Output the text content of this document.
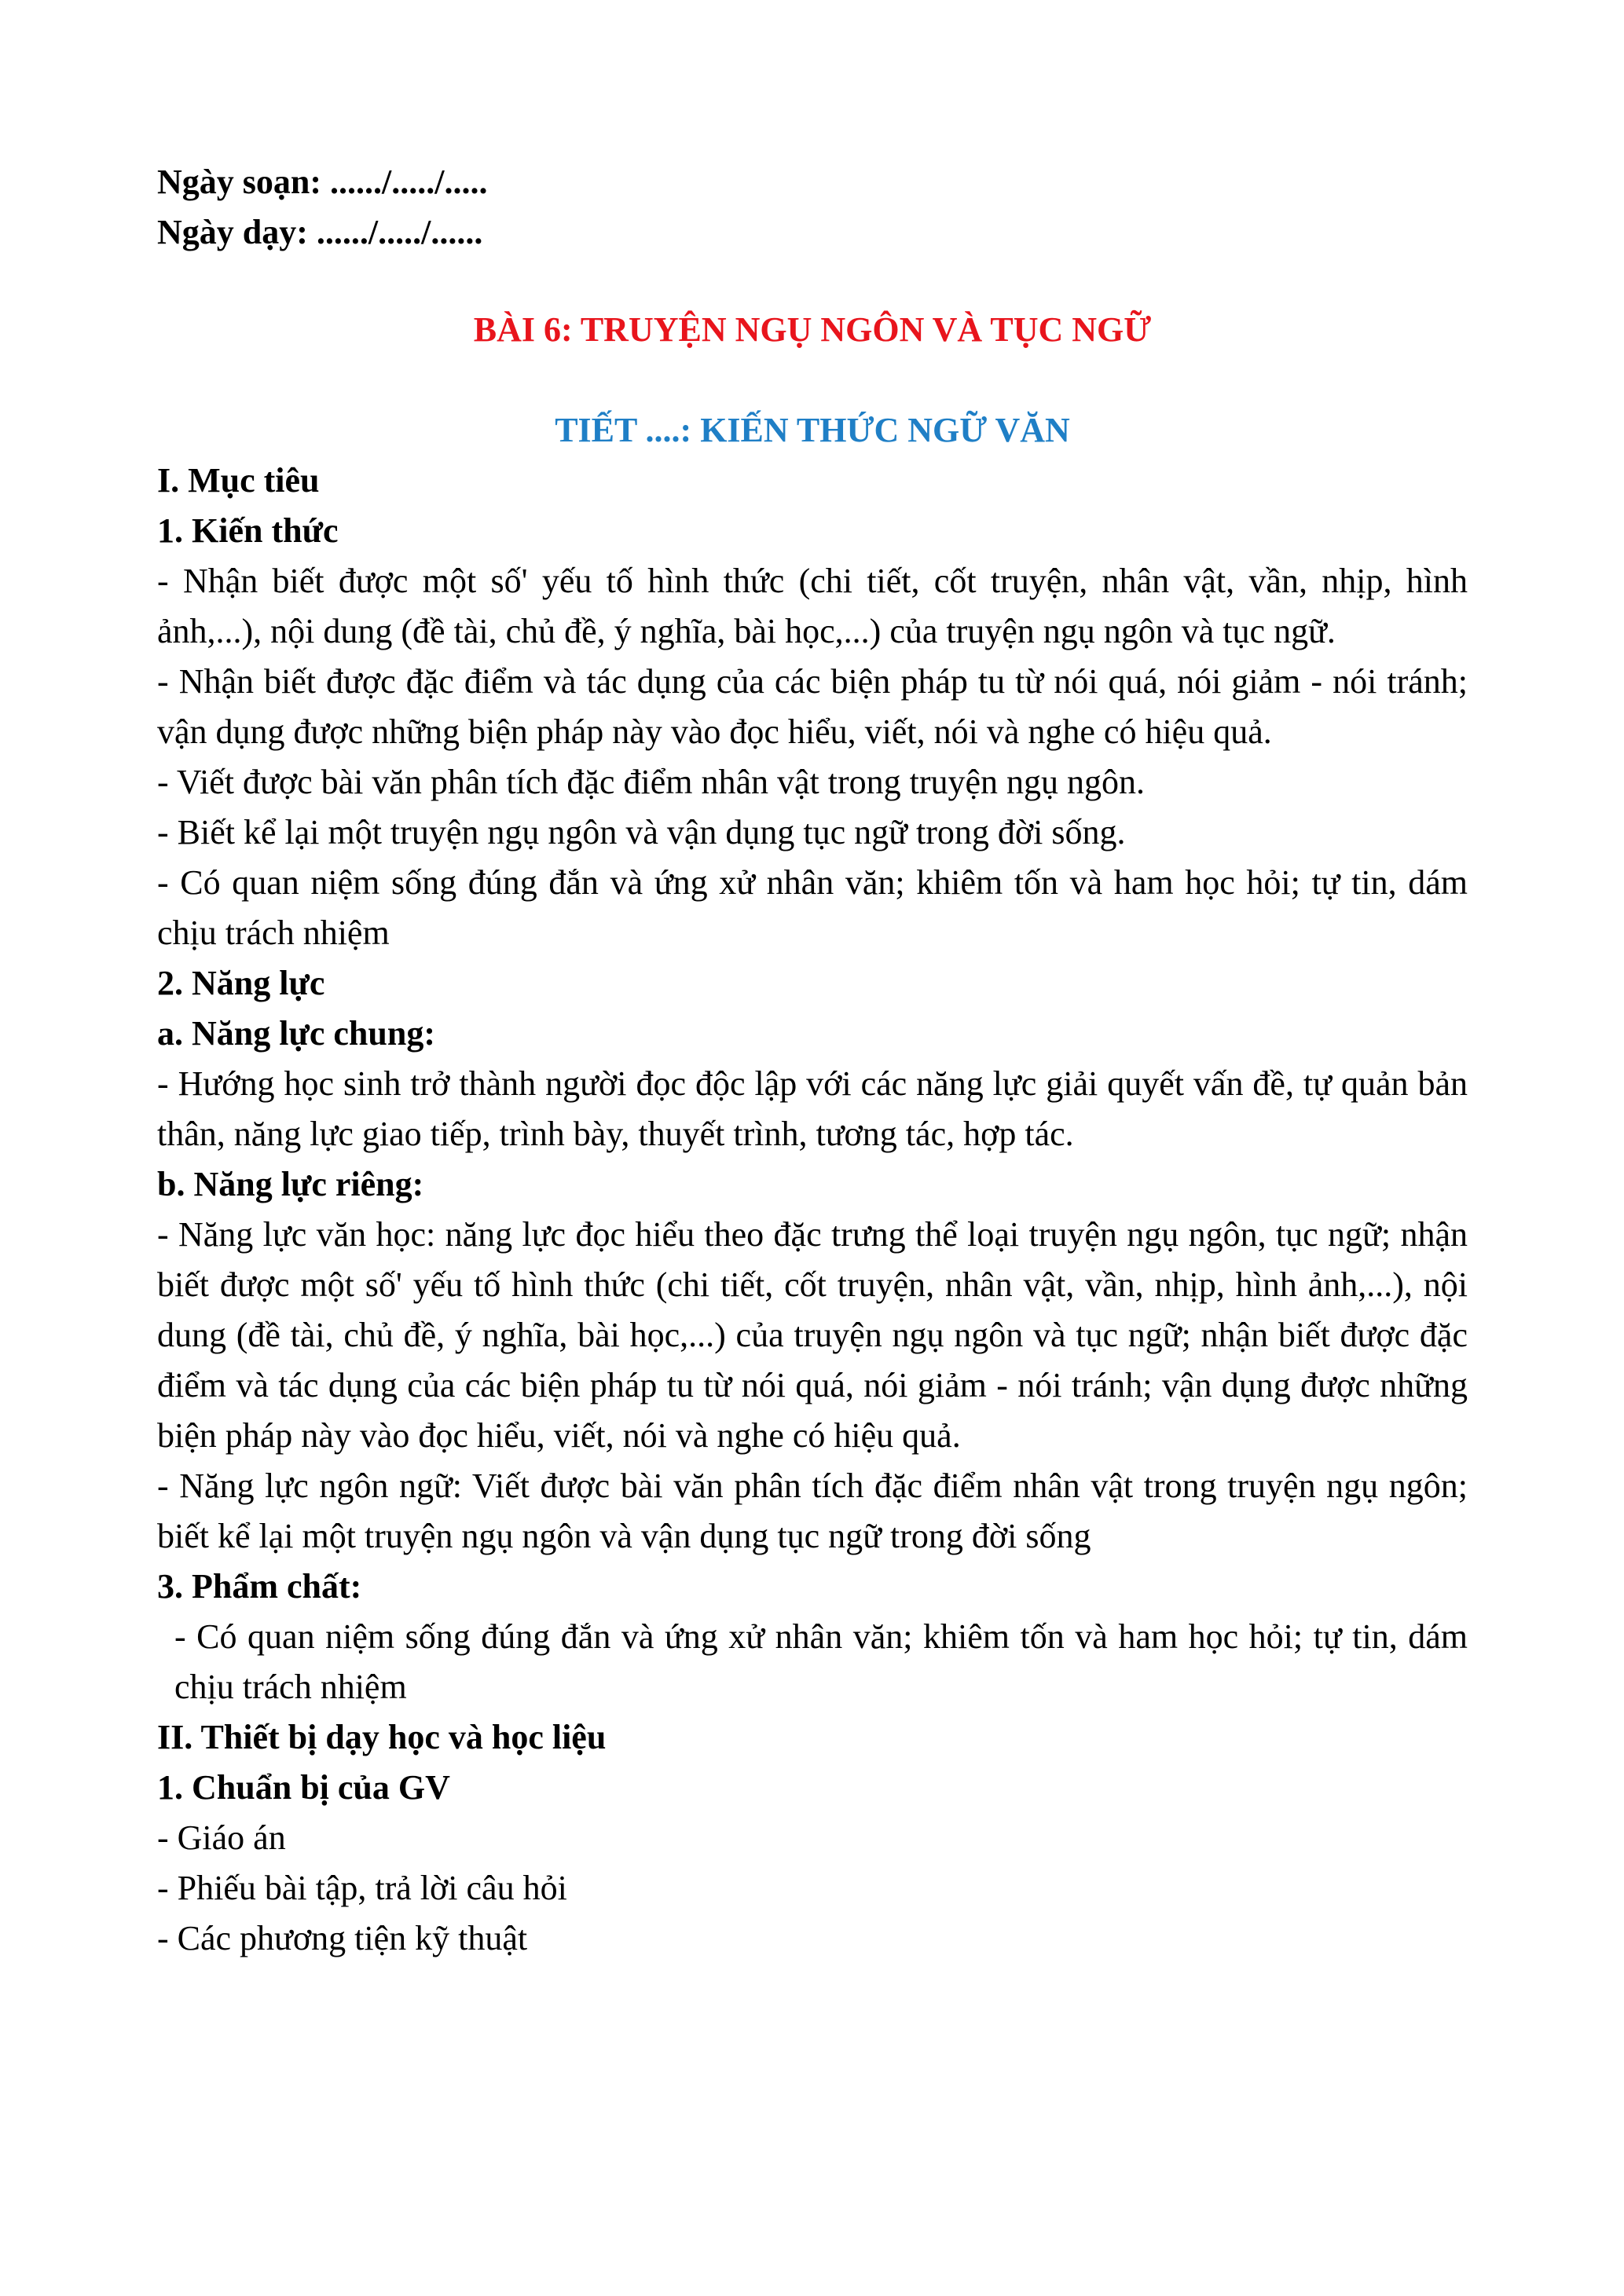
Ngày soạn: ....../...../.....
Ngày dạy: ....../...../......
BÀI 6: TRUYỆN NGỤ NGÔN VÀ TỤC NGỮ
TIẾT ....: KIẾN THỨC NGỮ VĂN
I. Mục tiêu
1. Kiến thức

- Nhận biết được một số' yếu tố hình thức (chi tiết, cốt truyện, nhân vật, vần, nhịp, hình ảnh,...), nội dung (đề tài, chủ đề, ý nghĩa, bài học,...) của truyện ngụ ngôn và tục ngữ.

- Nhận biết được đặc điểm và tác dụng của các biện pháp tu từ nói quá, nói giảm - nói tránh; vận dụng được những biện pháp này vào đọc hiểu, viết, nói và nghe có hiệu quả.

- Viết được bài văn phân tích đặc điểm nhân vật trong truyện ngụ ngôn.

- Biết kể lại một truyện ngụ ngôn và vận dụng tục ngữ trong đời sống.

- Có quan niệm sống đúng đắn và ứng xử nhân văn; khiêm tốn và ham học hỏi; tự tin, dám chịu trách nhiệm

2. Năng lực
a. Năng lực chung:

- Hướng học sinh trở thành người đọc độc lập với các năng lực giải quyết vấn đề, tự quản bản thân, năng lực giao tiếp, trình bày, thuyết trình, tương tác, hợp tác.

b. Năng lực riêng:

- Năng lực văn học: năng lực đọc hiểu theo đặc trưng thể loại truyện ngụ ngôn, tục ngữ; nhận biết được một số' yếu tố hình thức (chi tiết, cốt truyện, nhân vật, vần, nhịp, hình ảnh,...), nội dung (đề tài, chủ đề, ý nghĩa, bài học,...) của truyện ngụ ngôn và tục ngữ; nhận biết được đặc điểm và tác dụng của các biện pháp tu từ nói quá, nói giảm - nói tránh; vận dụng được những biện pháp này vào đọc hiểu, viết, nói và nghe có hiệu quả.

- Năng lực ngôn ngữ: Viết được bài văn phân tích đặc điểm nhân vật trong truyện ngụ ngôn; biết kể lại một truyện ngụ ngôn và vận dụng tục ngữ trong đời sống

3. Phẩm chất:

- Có quan niệm sống đúng đắn và ứng xử nhân văn; khiêm tốn và ham học hỏi; tự tin, dám chịu trách nhiệm

II. Thiết bị dạy học và học liệu
1. Chuẩn bị của GV
- Giáo án
- Phiếu bài tập, trả lời câu hỏi
- Các phương tiện kỹ thuật
